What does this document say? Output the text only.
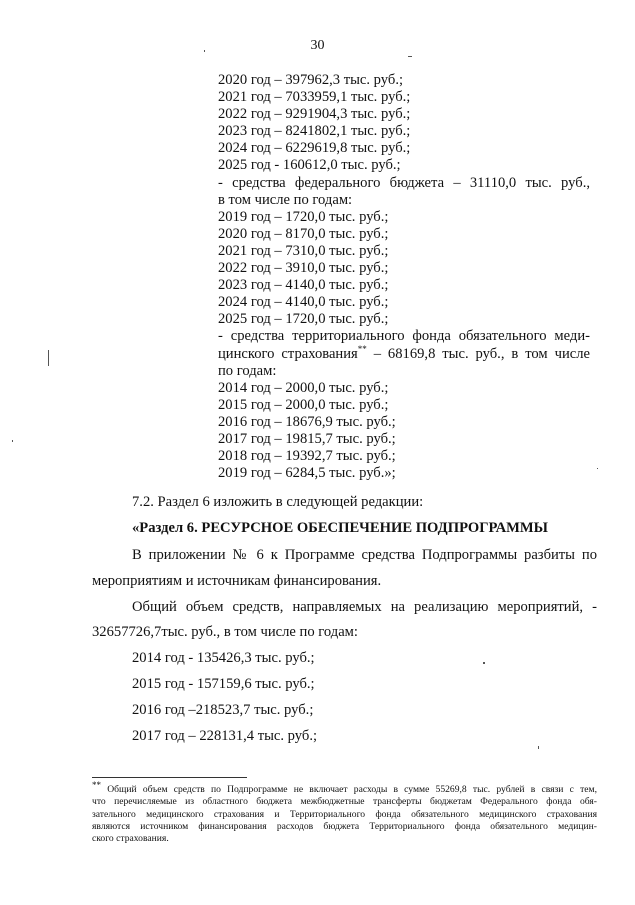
30
2020 год – 397962,3 тыс. руб.;
2021 год – 7033959,1 тыс. руб.;
2022 год – 9291904,3 тыс. руб.;
2023 год – 8241802,1 тыс. руб.;
2024 год – 6229619,8 тыс. руб.;
2025 год - 160612,0 тыс. руб.;
- средства федерального бюджета – 31110,0 тыс. руб.,
в том числе по годам:
2019 год – 1720,0 тыс. руб.;
2020 год – 8170,0 тыс. руб.;
2021 год – 7310,0 тыс. руб.;
2022 год – 3910,0 тыс. руб.;
2023 год – 4140,0 тыс. руб.;
2024 год – 4140,0 тыс. руб.;
2025 год – 1720,0 тыс. руб.;
- средства территориального фонда обязательного меди-
цинского страхования** – 68169,8 тыс. руб., в том числе
по годам:
2014 год – 2000,0 тыс. руб.;
2015 год – 2000,0 тыс. руб.;
2016 год – 18676,9 тыс. руб.;
2017 год – 19815,7 тыс. руб.;
2018 год – 19392,7 тыс. руб.;
2019 год – 6284,5 тыс. руб.»;
7.2. Раздел 6 изложить в следующей редакции:
«Раздел 6. РЕСУРСНОЕ ОБЕСПЕЧЕНИЕ ПОДПРОГРАММЫ
В приложении № 6 к Программе средства Подпрограммы разбиты по
мероприятиям и источникам финансирования.
Общий объем средств, направляемых на реализацию мероприятий, -
32657726,7тыс. руб., в том числе по годам:
2014 год - 135426,3 тыс. руб.;
2015 год - 157159,6 тыс. руб.;
2016 год –218523,7 тыс. руб.;
2017 год – 228131,4 тыс. руб.;
** Общий объем средств по Подпрограмме не включает расходы в сумме 55269,8 тыс. рублей в связи с тем,
что перечисляемые из областного бюджета межбюджетные трансферты бюджетам Федерального фонда обя-
зательного медицинского страхования и Территориального фонда обязательного медицинского страхования
являются источником финансирования расходов бюджета Территориального фонда обязательного медицин-
ского страхования.
